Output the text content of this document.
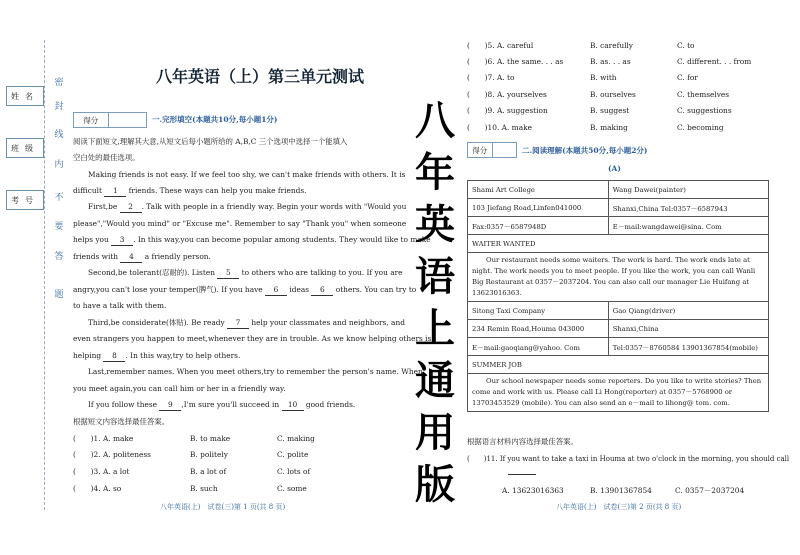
姓名
班级
考号
密
封
线
内
不
要
答
题
八年英语（上）第三单元测试
得分	一.完形填空(本题共10分,每小题1分)
阅读下面短文,理解其大意,从短文后每小题所给的 A,B,C 三个选项中选择一个能填入
空白处的最佳选项。
Making friends is not easy. If we feel too shy, we can't make friends with others. It is
difficult 1 friends. These ways can help you make friends.
First,be 2 . Talk with people in a friendly way. Begin your words with "Would you
please","Would you mind" or "Excuse me". Remember to say "Thank you" when someone
helps you 3 . In this way,you can become popular among students. They would like to make
friends with 4 a friendly person.
Second,be tolerant(忍耐的). Listen 5 to others who are talking to you. If you are
angry,you can't lose your temper(脾气). If you have 6 ideas 6 others. You can try to
to have a talk with them.
Third,be considerate(体贴). Be ready 7 help your classmates and neighbors, and
even strangers you happen to meet,whenever they are in trouble. As we know helping others is
helping 8 . In this way,try to help others.
Last,remember names. When you meet others,try to remember the person's name. When
you meet again,you can call him or her in a friendly way.
If you follow these 9 ,I'm sure you'll succeed in 10 good friends.
根据短文内容选择最佳答案。
(　　)1. A. make	B. to make	C. making
(　　)2. A. politeness	B. politely	C. polite
(　　)3. A. a lot	B. a lot of	C. lots of
(　　)4. A. so	B. such	C. some
八年英语(上)　试卷(三)第 1 页(共 8 页)
八
年
英
语
上
通
用
版
(　　)5. A. careful	B. carefully	C. to
(　　)6. A. the same. . . as	B. as. . . as	C. different. . . from
(　　)7. A. to	B. with	C. for
(　　)8. A. yourselves	B. ourselves	C. themselves
(　　)9. A. suggestion	B. suggest	C. suggestions
(　　)10. A. make	B. making	C. becoming
得分	二.阅读理解(本题共50分,每小题2分)
(A)
Shami Art College	Wang Dawei(painter)
103 Jiefang Road,Linfen041000	Shanxi,China Tel:0357－6587943
Fax:0357－6587948D	E－mail:wangdawei@sina. Com
WAITER WANTED	
Our restaurant needs some waiters. The work is hard. The work ends late at night. The work needs you to meet people. If you like the work, you can call Wanli Big Restaurant at 0357－2037204. You can also call our manager Lie Huifang at 13623016363.	
Sitong Taxi Company	Gao Qiang(driver)
234 Remin Road,Houma 043000	Shanxi,China
E－mail:gaoqiang@yahoo. Com	Tel:0357－8760584 13901367854(mobile)
SUMMER JOB	
Our school newspaper needs some reporters. Do you like to write stories? Then come and work with us. Please call Li Hong(reporter) at 0357－5768900 or 13703453529 (mobile). You can also send an e－mail to lihong@ tom. com.	
根据语言材料内容选择最佳答案。
(　　)11. If you want to take a taxi in Houma at two o'clock in the morning, you should call
A. 13623016363	B. 13901367854	C. 0357－2037204
八年英语(上)　试卷(三)第 2 页(共 8 页)
